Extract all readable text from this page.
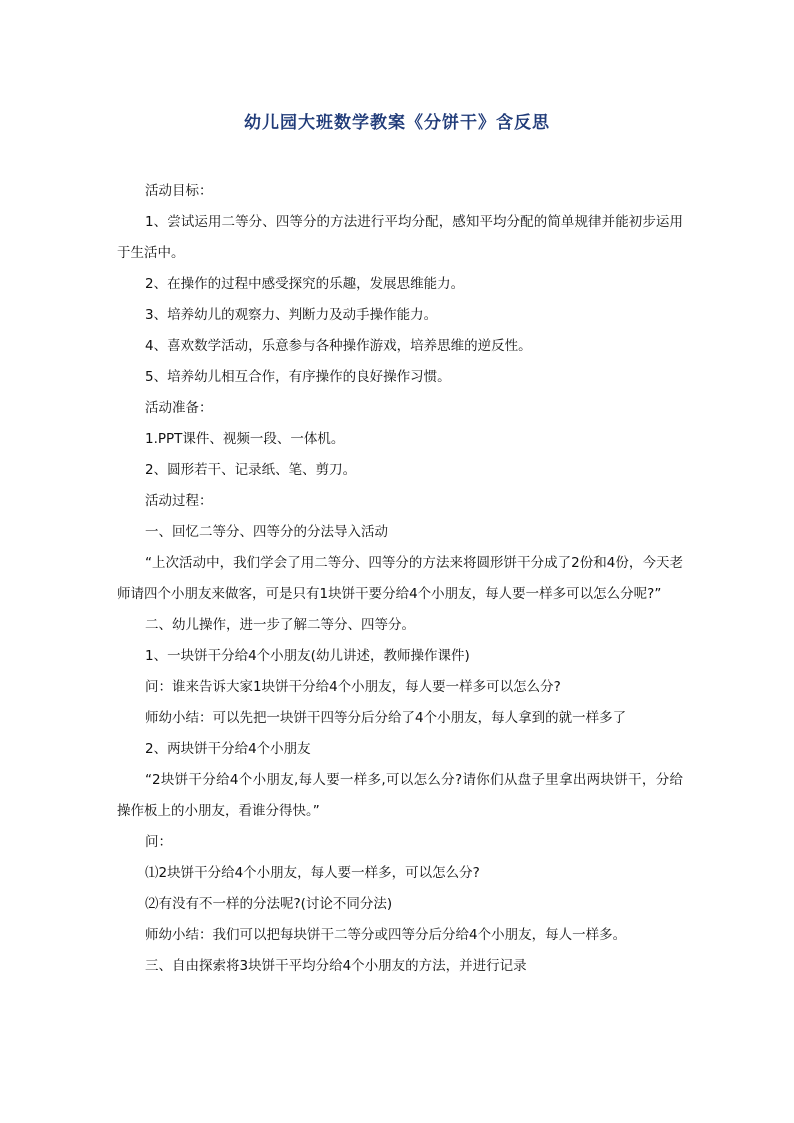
幼儿园大班数学教案《分饼干》含反思

活动目标：

1、尝试运用二等分、四等分的方法进行平均分配，感知平均分配的简单规律并能初步运用于生活中。

2、在操作的过程中感受探究的乐趣，发展思维能力。

3、培养幼儿的观察力、判断力及动手操作能力。

4、喜欢数学活动，乐意参与各种操作游戏，培养思维的逆反性。

5、培养幼儿相互合作，有序操作的良好操作习惯。

活动准备：

1.PPT课件、视频一段、一体机。

2、圆形若干、记录纸、笔、剪刀。

活动过程：

一、回忆二等分、四等分的分法导入活动

“上次活动中，我们学会了用二等分、四等分的方法来将圆形饼干分成了2份和4份，今天老师请四个小朋友来做客，可是只有1块饼干要分给4个小朋友，每人要一样多可以怎么分呢?”

二、幼儿操作，进一步了解二等分、四等分。

1、一块饼干分给4个小朋友(幼儿讲述，教师操作课件)

问：谁来告诉大家1块饼干分给4个小朋友，每人要一样多可以怎么分?

师幼小结：可以先把一块饼干四等分后分给了4个小朋友，每人拿到的就一样多了

2、两块饼干分给4个小朋友

“2块饼干分给4个小朋友,每人要一样多,可以怎么分?请你们从盘子里拿出两块饼干，分给操作板上的小朋友，看谁分得快。”

问：

⑴2块饼干分给4个小朋友，每人要一样多，可以怎么分?

⑵有没有不一样的分法呢?(讨论不同分法)

师幼小结：我们可以把每块饼干二等分或四等分后分给4个小朋友，每人一样多。

三、自由探索将3块饼干平均分给4个小朋友的方法，并进行记录
